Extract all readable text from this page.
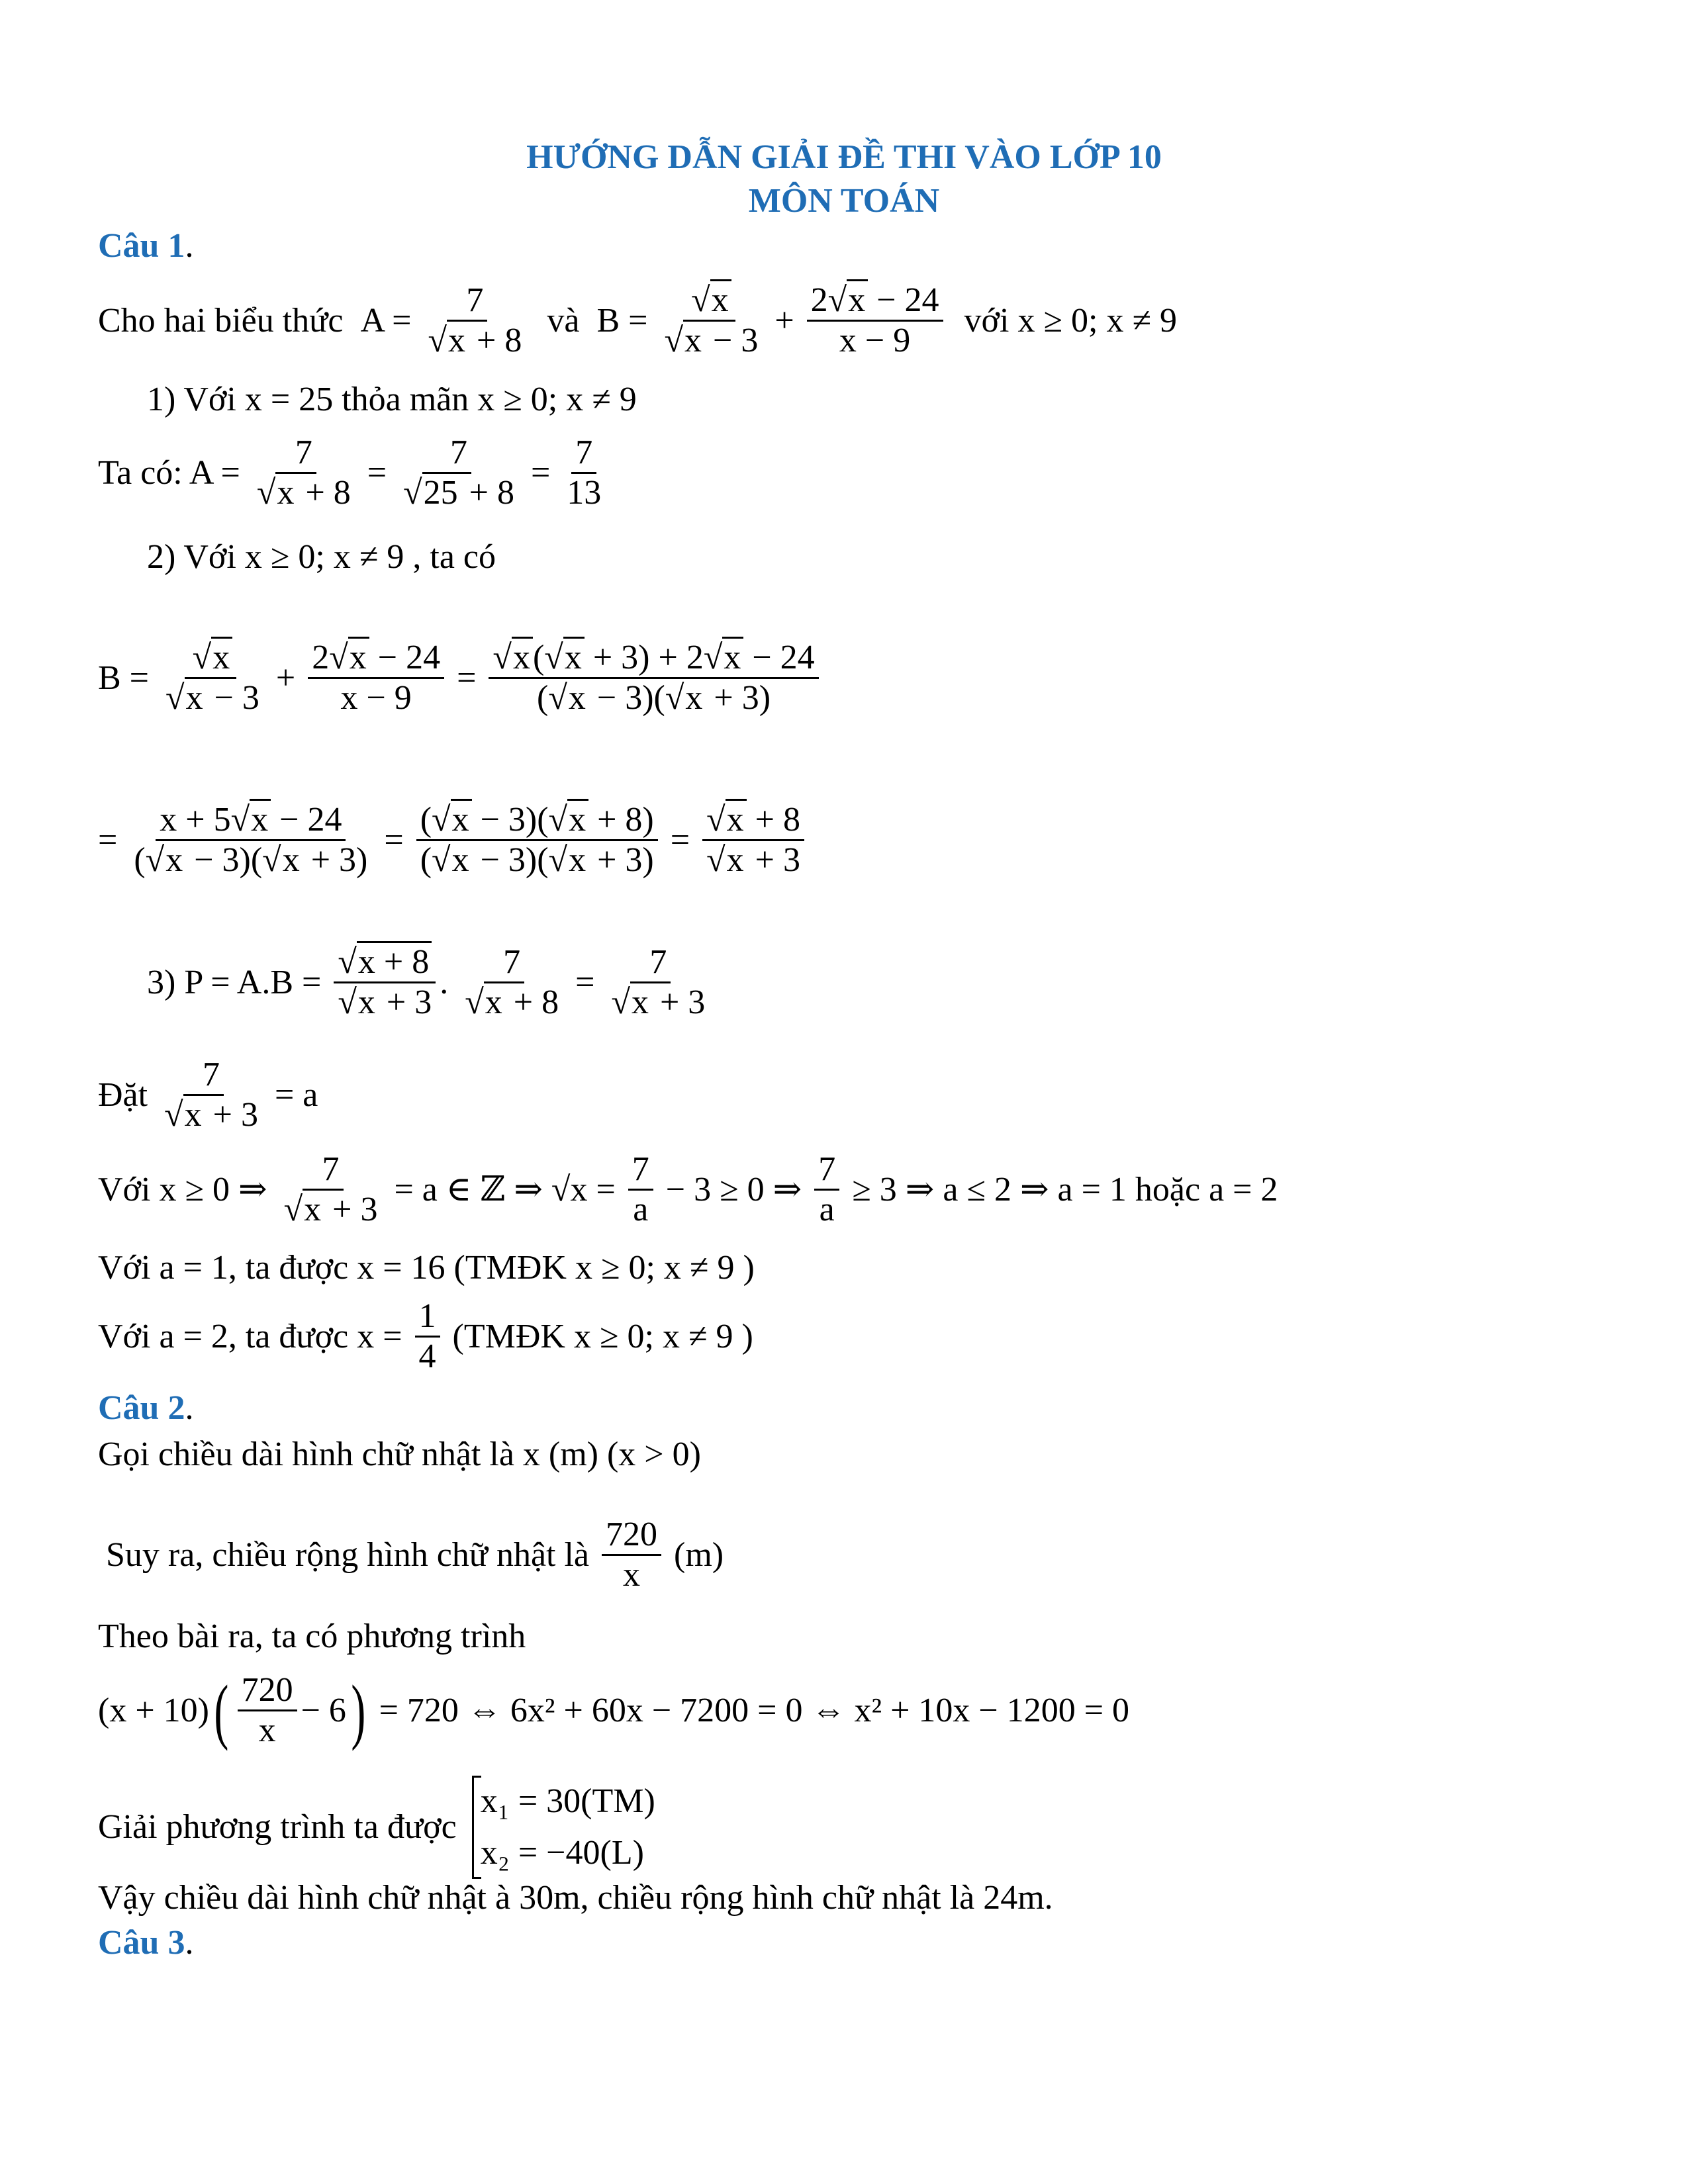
HƯỚNG DẪN GIẢI ĐỀ THI VÀO LỚP 10
MÔN TOÁN
Câu 1.
Cho hai biểu thức  $A = \frac{7}{√x + 8}$ và  $B = \frac{√x}{√x - 3} + \frac{2√x - 24}{x - 9}$ với x ≥ 0; x ≠ 9
1) Với x = 25 thỏa mãn x ≥ 0; x ≠ 9
Ta có: $A = \frac{7}{√x + 8} = \frac{7}{√25 + 8} = \frac{7}{13}$
2) Với x ≥ 0; x ≠ 9 , ta có
$B = \frac{√x}{√x - 3} + \frac{2√x - 24}{x - 9} = \frac{√x(√x + 3) + 2√x - 24}{(√x - 3)(√x + 3)}$
= $\frac{x + 5√x - 24}{(√x - 3)(√x + 3)} = \frac{(√x - 3)(√x + 8)}{(√x - 3)(√x + 3)} = \frac{√x + 8}{√x + 3}$
3) $P = A.B = \frac{√x + 8}{√x + 3}$ . $\frac{7}{√x + 8} = \frac{7}{√x + 3}$
Đặt $\frac{7}{√x + 3} = a$
Với x ≥ 0 ⇒ $\frac{7}{√x + 3} = a$ ∈ ℤ ⇒ $√x = \frac{7}{a} - 3 \ge 0$ ⇒ $\frac{7}{a} \ge 3$ ⇒ a ≤ 2 ⇒ a = 1 hoặc a = 2
Với a = 1, ta được x = 16 (TMĐK x ≥ 0; x ≠ 9 )
Với a = 2, ta được $x = \frac{1}{4}$ (TMĐK x ≥ 0; x ≠ 9 )
Câu 2.
Gọi chiều dài hình chữ nhật là x (m) (x > 0)
Suy ra, chiều rộng hình chữ nhật là $\frac{720}{x} (m)$
Theo bài ra, ta có phương trình
$(x + 10)( \frac{720}{x} - 6) = 720$ ⇔ 6x² + 60x − 7200 = 0 ⇔ x² + 10x − 1200 = 0
Giải phương trình ta được
x₁ = 30(TM)
x₂ = −40(L)
Vậy chiều dài hình chữ nhật à 30m, chiều rộng hình chữ nhật là 24m.
Câu 3.
